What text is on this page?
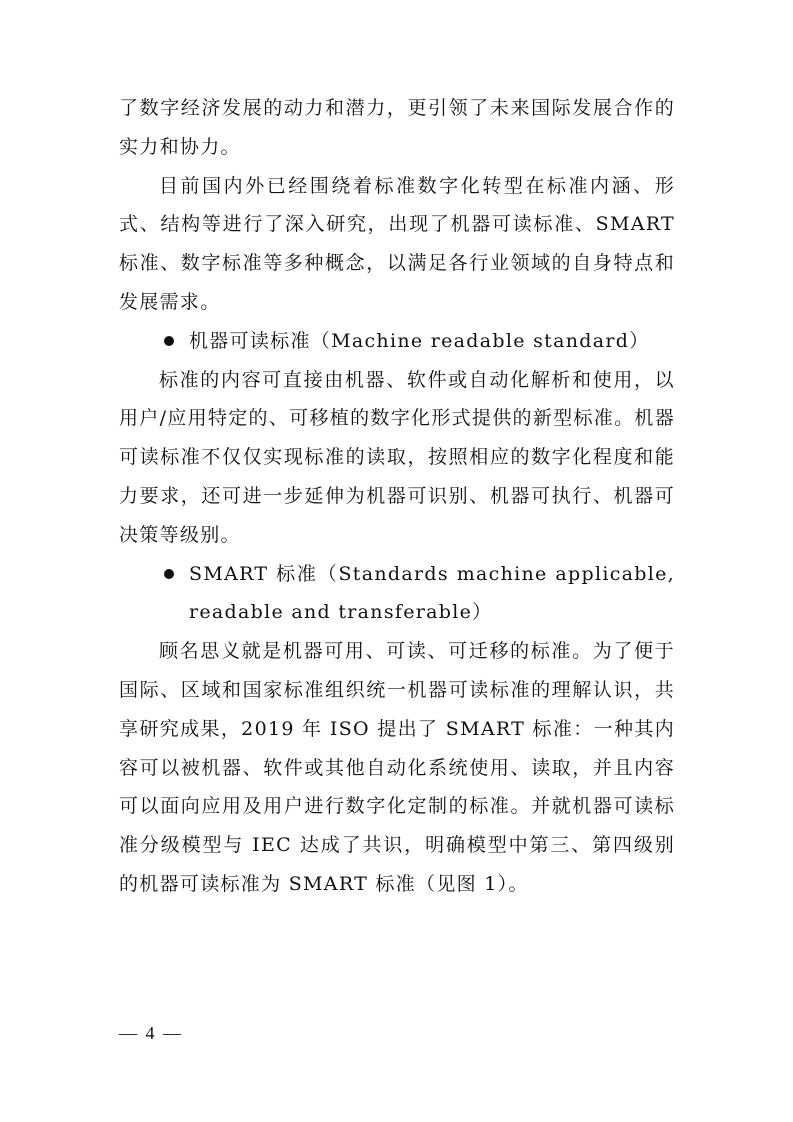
了数字经济发展的动力和潜力，更引领了未来国际发展合作的实力和协力。

目前国内外已经围绕着标准数字化转型在标准内涵、形式、结构等进行了深入研究，出现了机器可读标准、SMART 标准、数字标准等多种概念，以满足各行业领域的自身特点和发展需求。

机器可读标准（Machine readable standard）

标准的内容可直接由机器、软件或自动化解析和使用，以用户/应用特定的、可移植的数字化形式提供的新型标准。机器可读标准不仅仅实现标准的读取，按照相应的数字化程度和能力要求，还可进一步延伸为机器可识别、机器可执行、机器可决策等级别。

SMART 标准（Standards machine applicable, readable and transferable）

顾名思义就是机器可用、可读、可迁移的标准。为了便于国际、区域和国家标准组织统一机器可读标准的理解认识，共享研究成果，2019 年 ISO 提出了 SMART 标准：一种其内容可以被机器、软件或其他自动化系统使用、读取，并且内容可以面向应用及用户进行数字化定制的标准。并就机器可读标准分级模型与 IEC 达成了共识，明确模型中第三、第四级别的机器可读标准为 SMART 标准（见图 1）。

— 4 —
